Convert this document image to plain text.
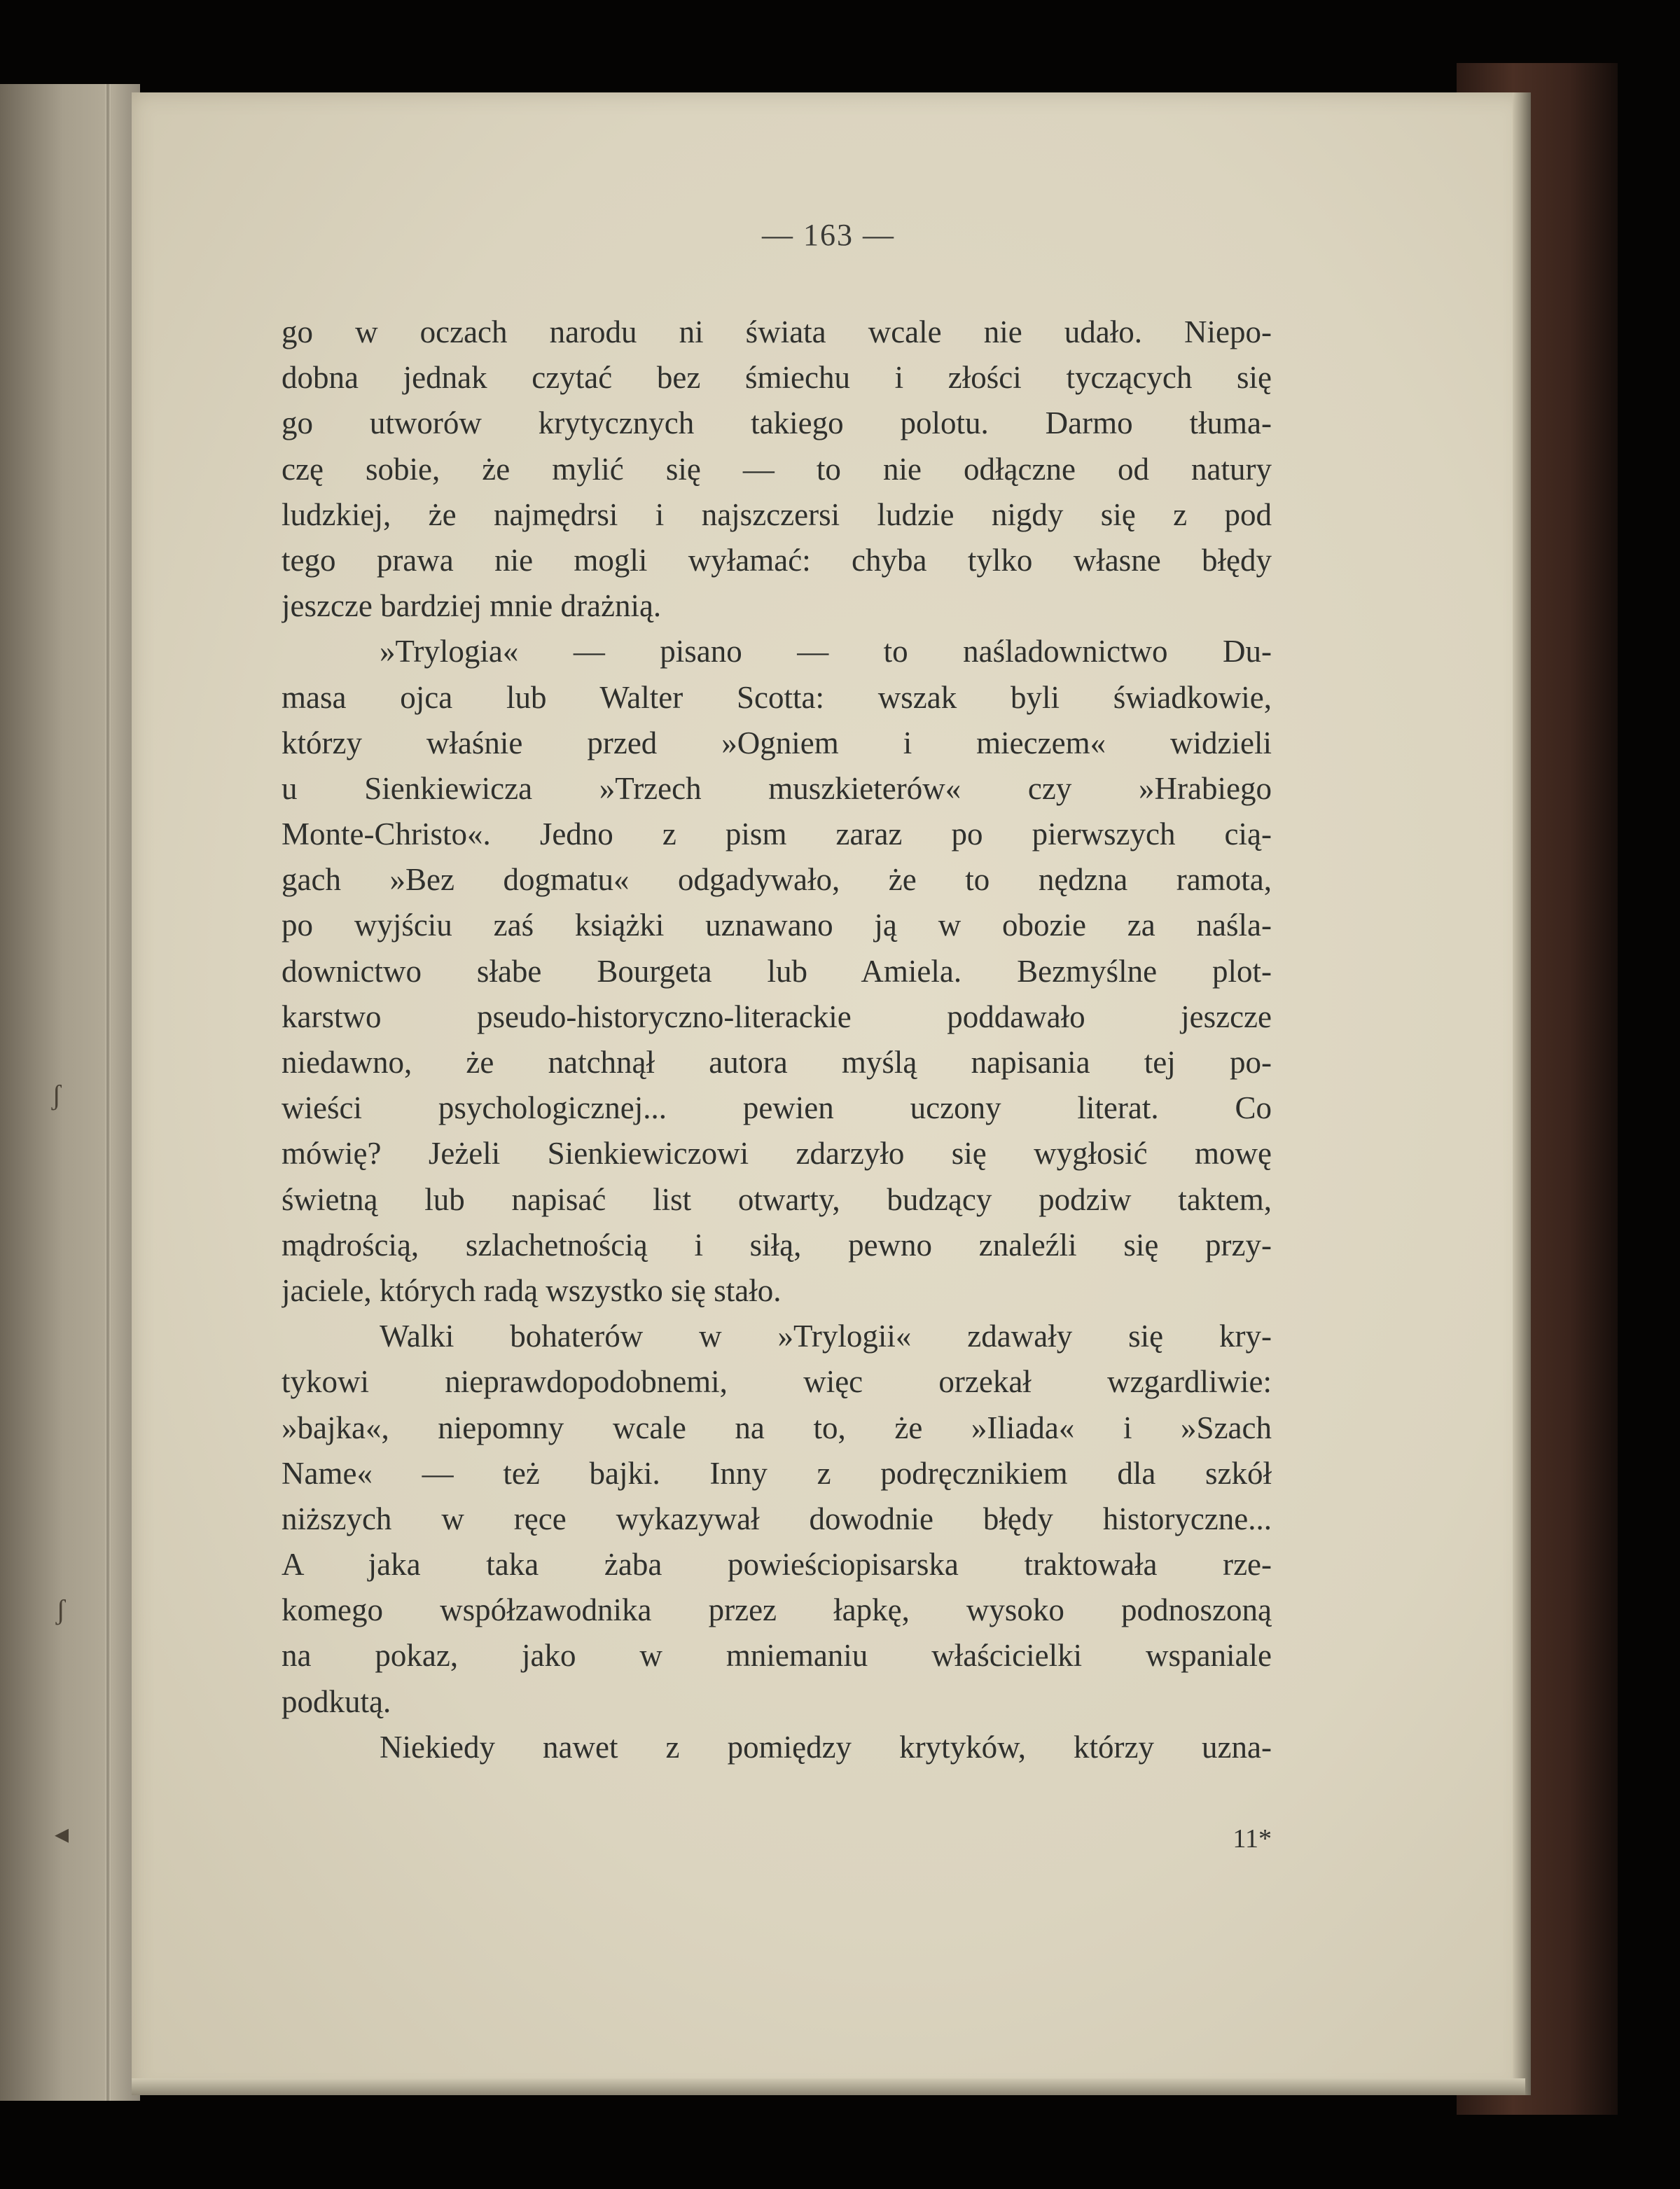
ʃ
ʃ
◂
— 163 —
go w oczach narodu ni świata wcale nie udało. Niepo-
dobna jednak czytać bez śmiechu i złości tyczących się
go utworów krytycznych takiego polotu. Darmo tłuma-
czę sobie, że mylić się — to nie odłączne od natury
ludzkiej, że najmędrsi i najszczersi ludzie nigdy się z pod
tego prawa nie mogli wyłamać: chyba tylko własne błędy
jeszcze bardziej mnie drażnią.
»Trylogia« — pisano — to naśladownictwo Du-
masa ojca lub Walter Scotta: wszak byli świadkowie,
którzy właśnie przed »Ogniem i mieczem« widzieli
u Sienkiewicza »Trzech muszkieterów« czy »Hrabiego
Monte-Christo«. Jedno z pism zaraz po pierwszych cią-
gach »Bez dogmatu« odgadywało, że to nędzna ramota,
po wyjściu zaś książki uznawano ją w obozie za naśla-
downictwo słabe Bourgeta lub Amiela. Bezmyślne plot-
karstwo pseudo-historyczno-literackie poddawało jeszcze
niedawno, że natchnął autora myślą napisania tej po-
wieści psychologicznej... pewien uczony literat. Co
mówię? Jeżeli Sienkiewiczowi zdarzyło się wygłosić mowę
świetną lub napisać list otwarty, budzący podziw taktem,
mądrością, szlachetnością i siłą, pewno znaleźli się przy-
jaciele, których radą wszystko się stało.
Walki bohaterów w »Trylogii« zdawały się kry-
tykowi nieprawdopodobnemi, więc orzekał wzgardliwie:
»bajka«, niepomny wcale na to, że »Iliada« i »Szach
Name« — też bajki. Inny z podręcznikiem dla szkół
niższych w ręce wykazywał dowodnie błędy historyczne...
A jaka taka żaba powieściopisarska traktowała rze-
komego współzawodnika przez łapkę, wysoko podnoszoną
na pokaz, jako w mniemaniu właścicielki wspaniale
podkutą.
Niekiedy nawet z pomiędzy krytyków, którzy uzna-
11*
